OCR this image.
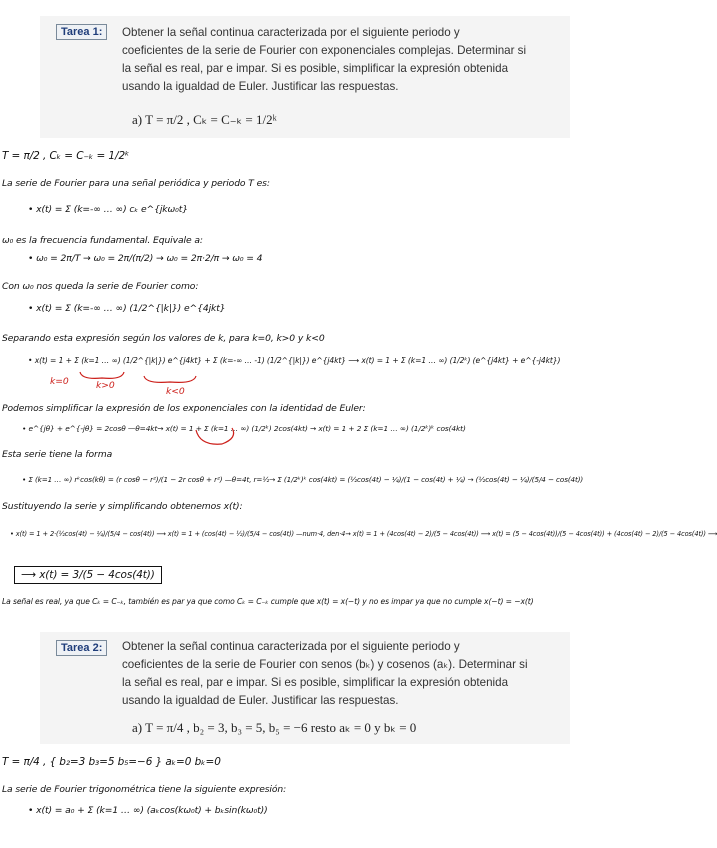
Tarea 1:	Obtener la señal continua caracterizada por el siguiente periodo y
coeficientes de la serie de Fourier con exponenciales complejas. Determinar si
la señal es real, par e impar. Si es posible, simplificar la expresión obtenida
usando la igualdad de Euler. Justificar las respuestas.
a) T = π/2 , Cₖ = C₋ₖ = 1/2ᵏ
T = π/2 , Cₖ = C₋ₖ = 1/2ᵏ
La serie de Fourier para una señal periódica y periodo T es:
• x(t) = Σ (k=-∞ … ∞) cₖ e^{jkω₀t}
ω₀ es la frecuencia fundamental. Equivale a:
• ω₀ = 2π/T → ω₀ = 2π/(π/2) → ω₀ = 2π·2/π → ω₀ = 4
Con ω₀ nos queda la serie de Fourier como:
• x(t) = Σ (k=-∞ … ∞) (1/2^{|k|}) e^{4jkt}
Separando esta expresión según los valores de k, para k=0, k>0 y k<0
• x(t) = 1 + Σ (k=1 … ∞) (1/2^{|k|}) e^{j4kt} + Σ (k=-∞ … -1) (1/2^{|k|}) e^{j4kt} ⟶ x(t) = 1 + Σ (k=1 … ∞) (1/2ᵏ) (e^{j4kt} + e^{-j4kt})
k=0	k>0
k<0
Podemos simplificar la expresión de los exponenciales con la identidad de Euler:
• e^{jθ} + e^{-jθ} = 2cosθ —θ=4kt→ x(t) = 1 + Σ (k=1 … ∞) (1/2ᵏ) 2cos(4kt) → x(t) = 1 + 2 Σ (k=1 … ∞) (1/2ᵏ)ᵏ cos(4kt)
Esta serie tiene la forma
• Σ (k=1 … ∞) rᵏcos(kθ) = (r cosθ − r²)/(1 − 2r cosθ + r²) —θ=4t, r=½→ Σ (1/2ᵏ)ᵏ cos(4kt) = (½cos(4t) − ¼)/(1 − cos(4t) + ¼) → (½cos(4t) − ¼)/(5/4 − cos(4t))
Sustituyendo la serie y simplificando obtenemos x(t):
• x(t) = 1 + 2·(½cos(4t) − ¼)/(5/4 − cos(4t)) ⟶ x(t) = 1 + (cos(4t) − ½)/(5/4 − cos(4t)) —num·4, den·4→ x(t) = 1 + (4cos(4t) − 2)/(5 − 4cos(4t)) ⟶ x(t) = (5 − 4cos(4t))/(5 − 4cos(4t)) + (4cos(4t) − 2)/(5 − 4cos(4t)) ⟶
⟶ x(t) = 3/(5 − 4cos(4t))
La señal es real, ya que Cₖ = C₋ₖ, también es par ya que como Cₖ = C₋ₖ cumple que x(t) = x(−t) y no es impar ya que no cumple x(−t) = −x(t)
Tarea 2:	Obtener la señal continua caracterizada por el siguiente periodo y
coeficientes de la serie de Fourier con senos (bₖ) y cosenos (aₖ). Determinar si
la señal es real, par e impar. Si es posible, simplificar la expresión obtenida
usando la igualdad de Euler. Justificar las respuestas.
a) T = π/4 , b₂ = 3, b₃ = 5, b₅ = −6 resto aₖ = 0 y bₖ = 0
T = π/4 , { b₂=3 b₃=5 b₅=−6 } aₖ=0 bₖ=0
La serie de Fourier trigonométrica tiene la siguiente expresión:
• x(t) = a₀ + Σ (k=1 … ∞) (aₖcos(kω₀t) + bₖsin(kω₀t))
